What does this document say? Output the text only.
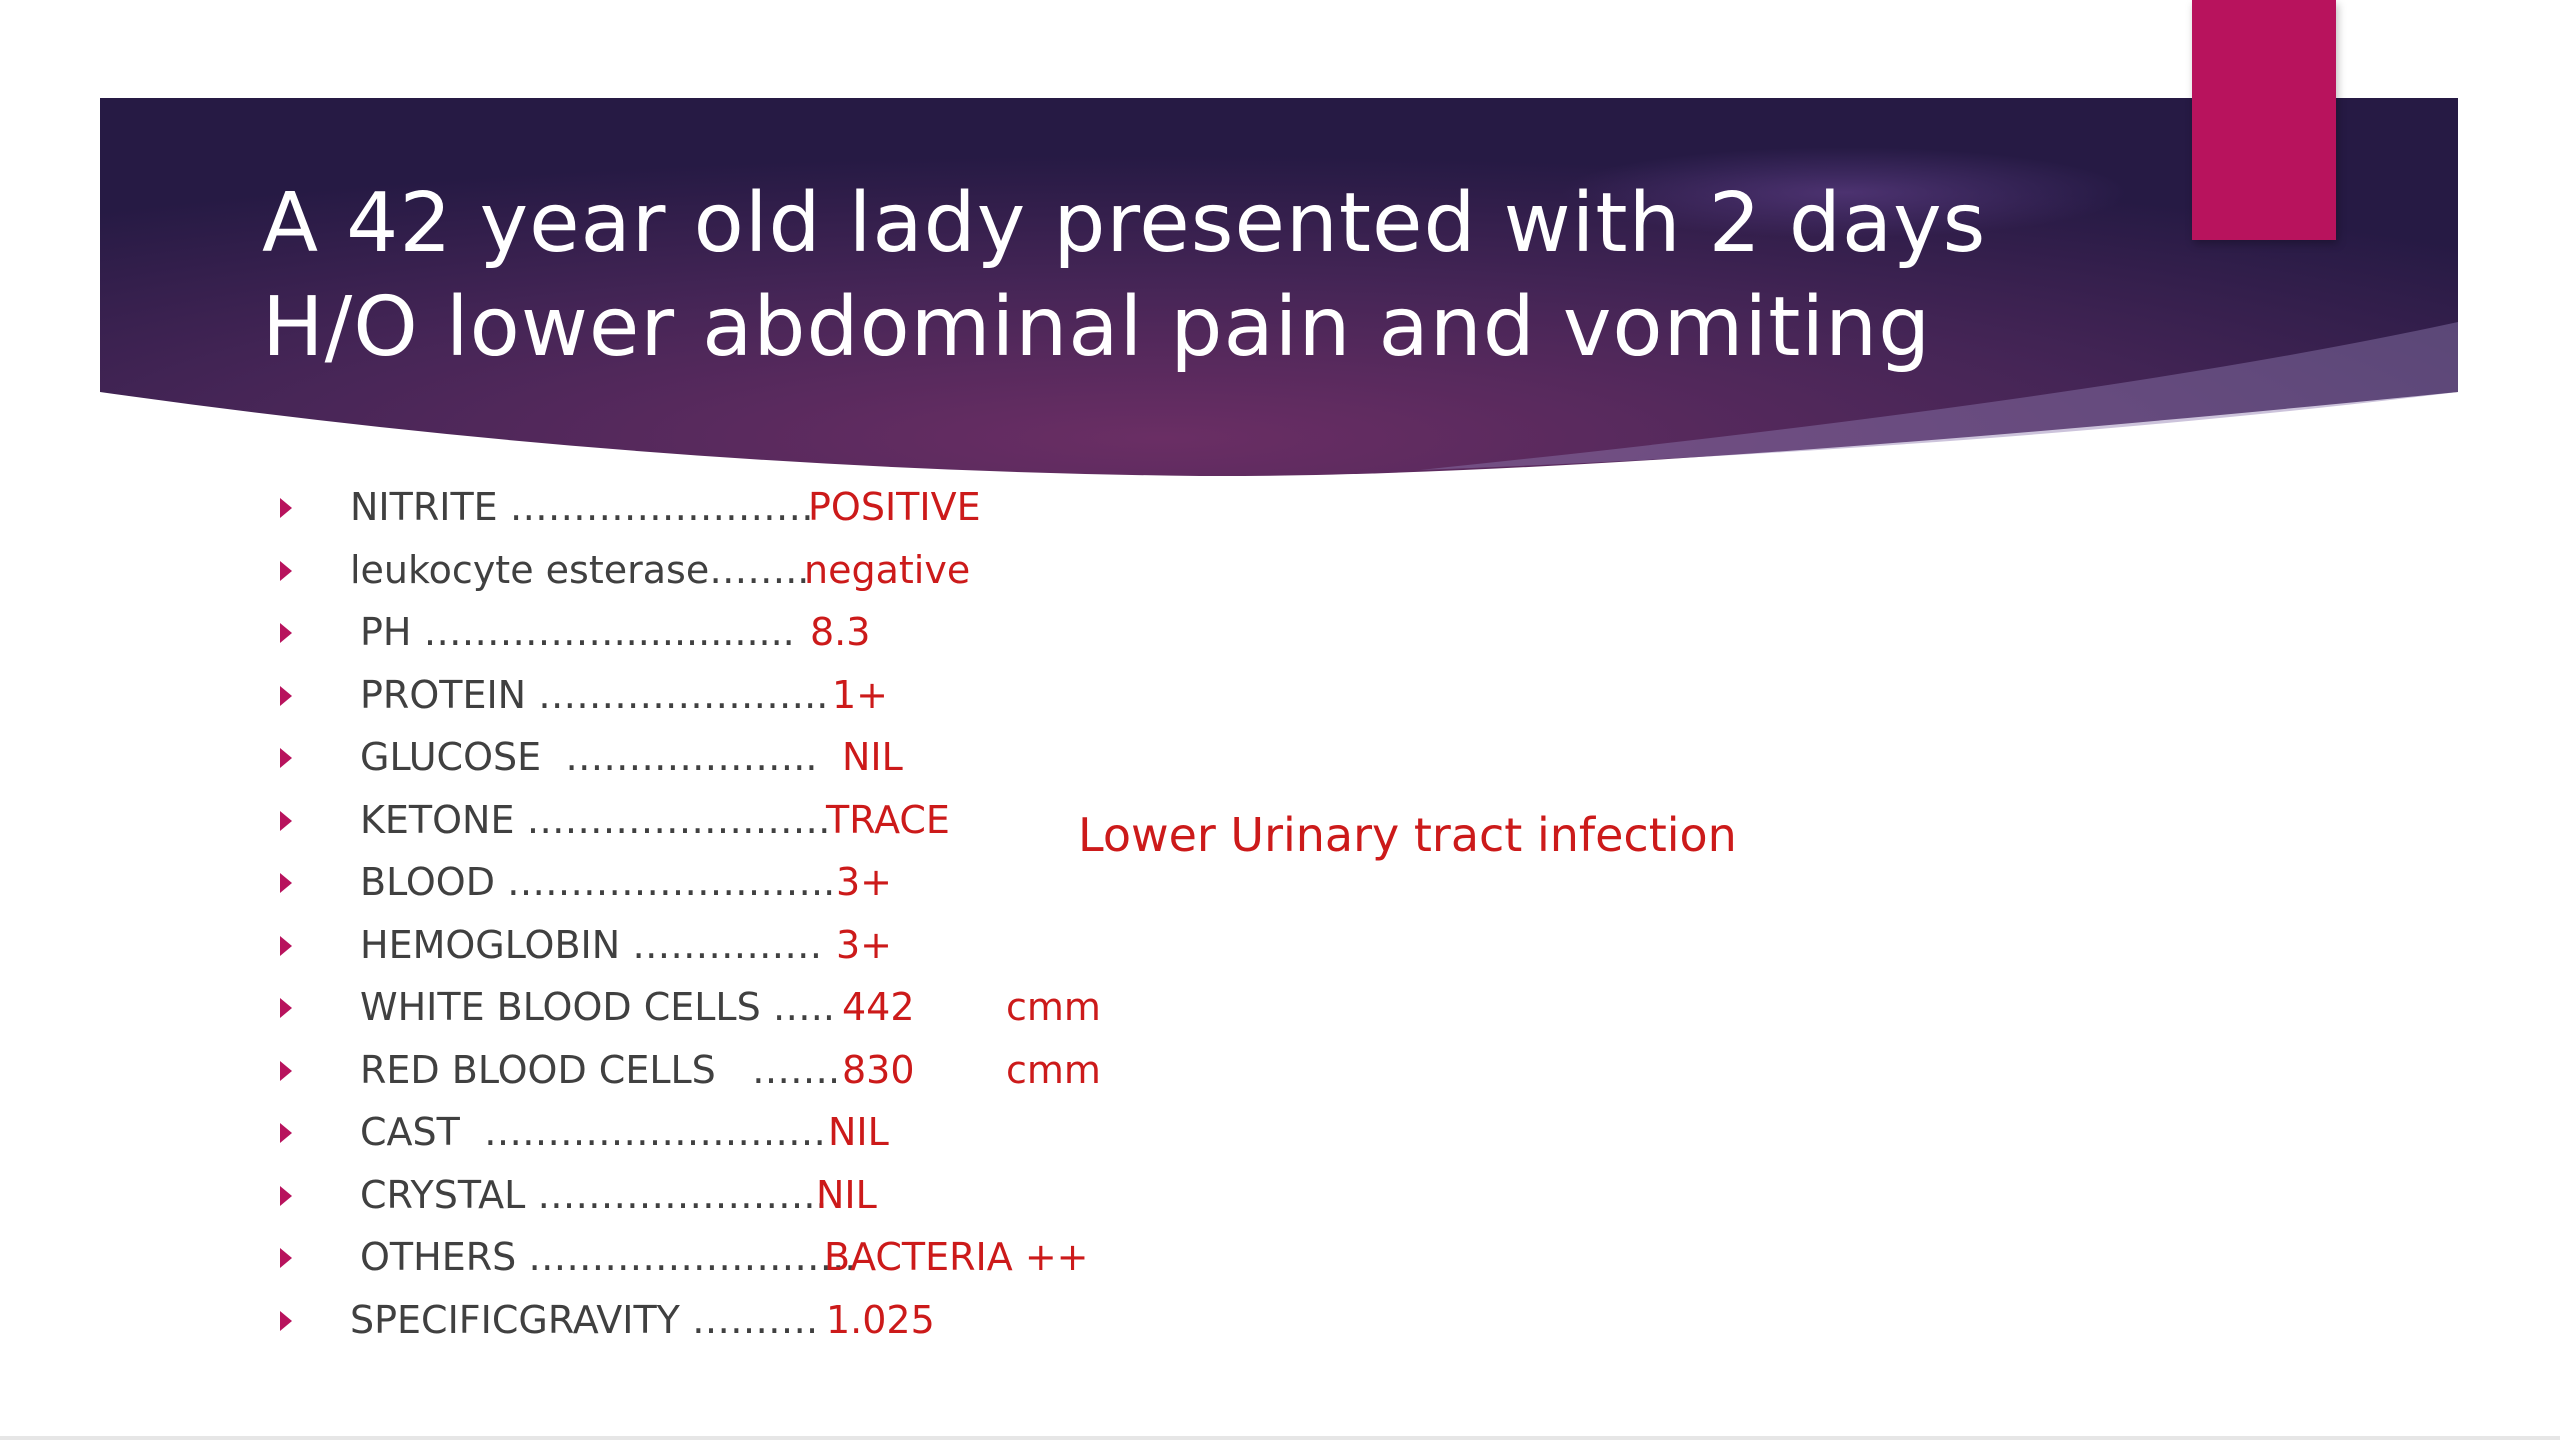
A 42 year old lady presented with 2 days
H/O lower abdominal pain and vomiting
NITRITE ……………………
POSITIVE
leukocyte esterase……..
negative
PH ……………............... 8.3
PROTEIN ………………….. 1+
GLUCOSE  ……………….. NIL
KETONE ……………………
TRACE
BLOOD …………………….. 3+
HEMOGLOBIN …………… 3+
WHITE BLOOD CELLS ….. 442 cmm
RED BLOOD CELLS   ……. 830 cmm
CAST  ……………………… NIL
CRYSTAL …………………..
NIL
OTHERS ……………………..
BACTERIA ++
SPECIFICGRAVITY ………. 1.025
Lower Urinary tract infection
